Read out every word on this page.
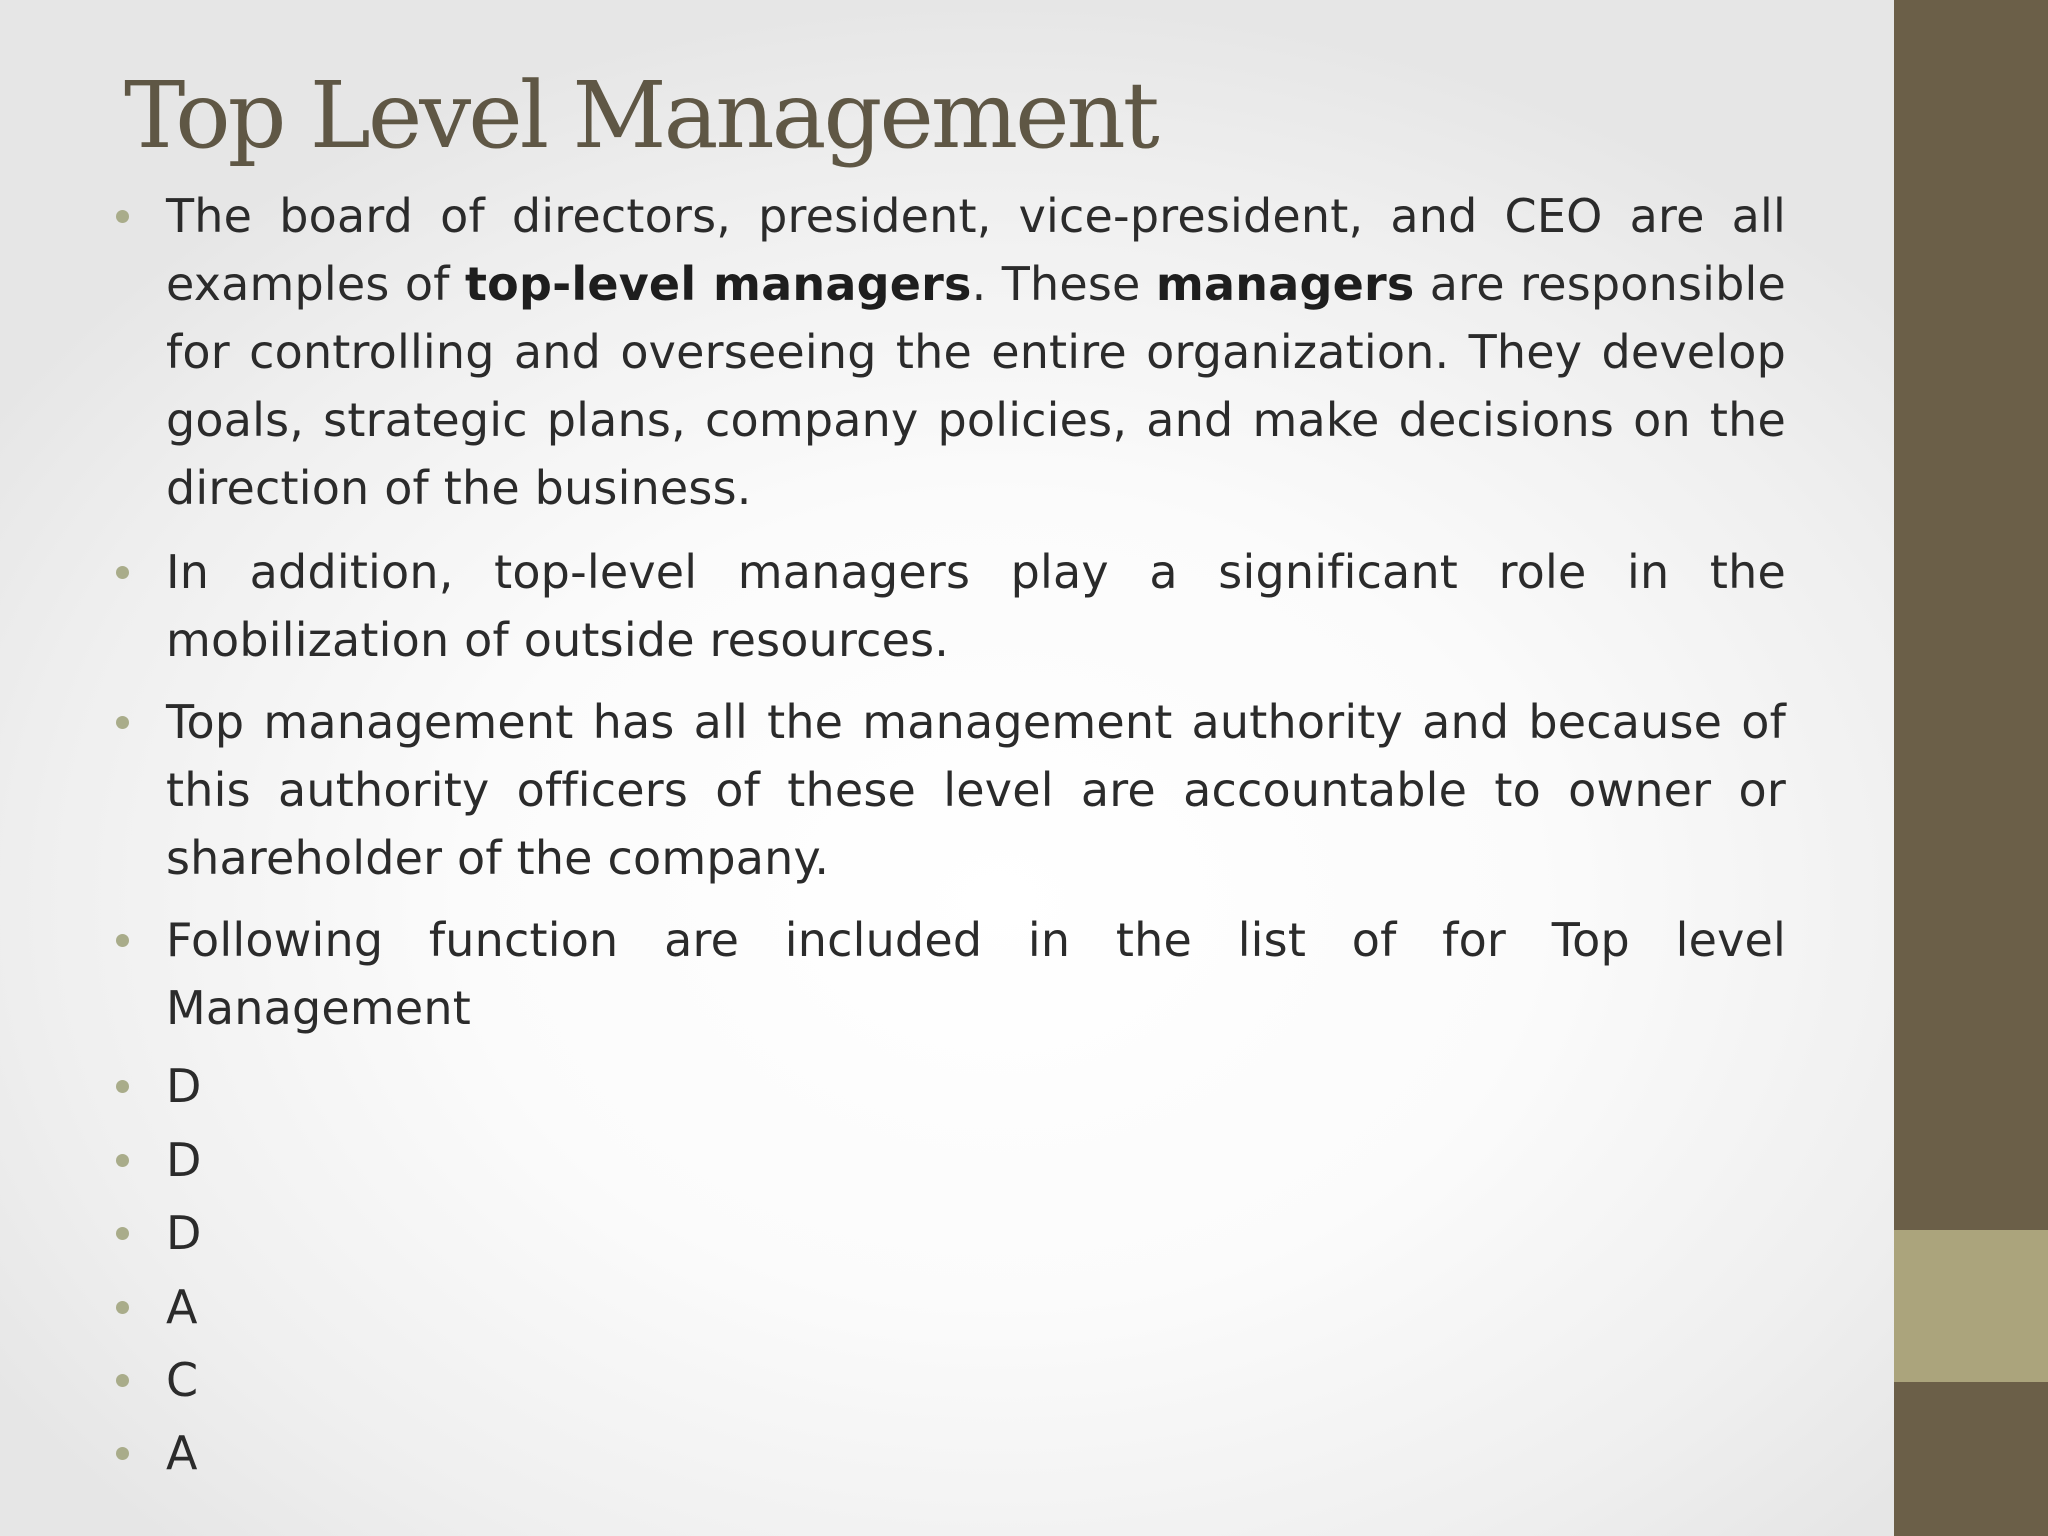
Top Level Management
The board of directors, president, vice-president, and CEO are all examples of top-level managers. These managers are responsible for controlling and overseeing the entire organization. They develop goals, strategic plans, company policies, and make decisions on the direction of the business.
In addition, top-level managers play a significant role in the mobilization of outside resources.
Top management has all the management authority and because of this authority officers of these level are accountable to owner or shareholder of the company.
Following function are included in the list of for Top level Management
D
D
D
A
C
A
